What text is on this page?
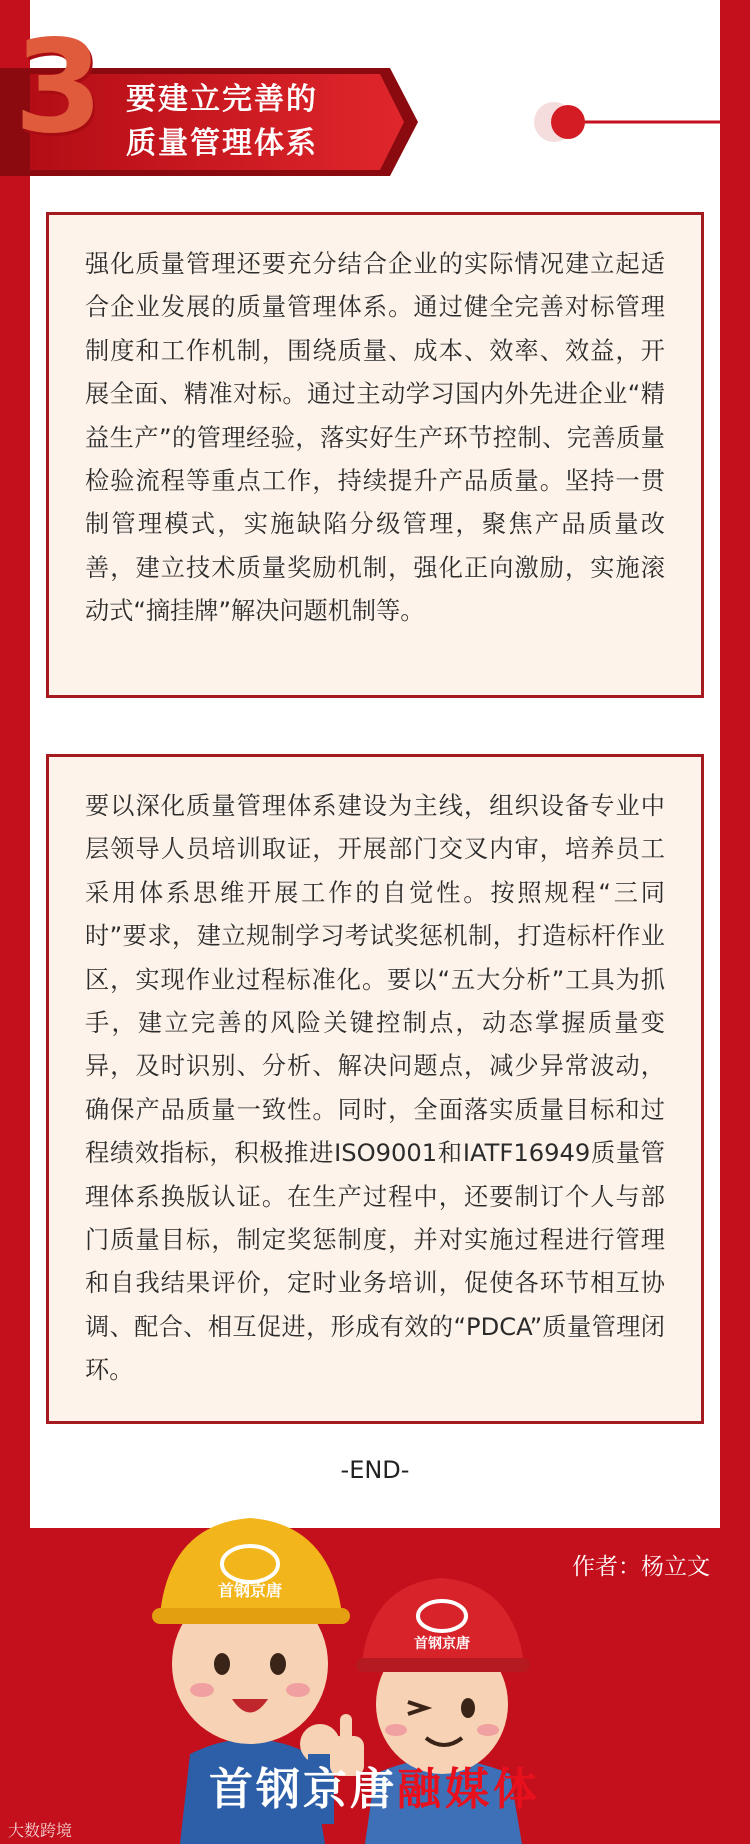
3 要建立完善的
质量管理体系

强化质量管理还要充分结合企业的实际情况建立起适合企业发展的质量管理体系。通过健全完善对标管理制度和工作机制，围绕质量、成本、效率、效益，开展全面、精准对标。通过主动学习国内外先进企业“精益生产”的管理经验，落实好生产环节控制、完善质量检验流程等重点工作，持续提升产品质量。坚持一贯制管理模式，实施缺陷分级管理，聚焦产品质量改善，建立技术质量奖励机制，强化正向激励，实施滚动式“摘挂牌”解决问题机制等。

要以深化质量管理体系建设为主线，组织设备专业中层领导人员培训取证，开展部门交叉内审，培养员工采用体系思维开展工作的自觉性。按照规程“三同时”要求，建立规制学习考试奖惩机制，打造标杆作业区，实现作业过程标准化。要以“五大分析”工具为抓手，建立完善的风险关键控制点，动态掌握质量变异，及时识别、分析、解决问题点，减少异常波动，确保产品质量一致性。同时，全面落实质量目标和过程绩效指标，积极推进ISO9001和IATF16949质量管理体系换版认证。在生产过程中，还要制订个人与部门质量目标，制定奖惩制度，并对实施过程进行管理和自我结果评价，定时业务培训，促使各环节相互协调、配合、相互促进，形成有效的“PDCA”质量管理闭环。

-END-
作者：杨立文
首钢京唐
首钢京唐
首钢京唐融媒体
大数跨境
